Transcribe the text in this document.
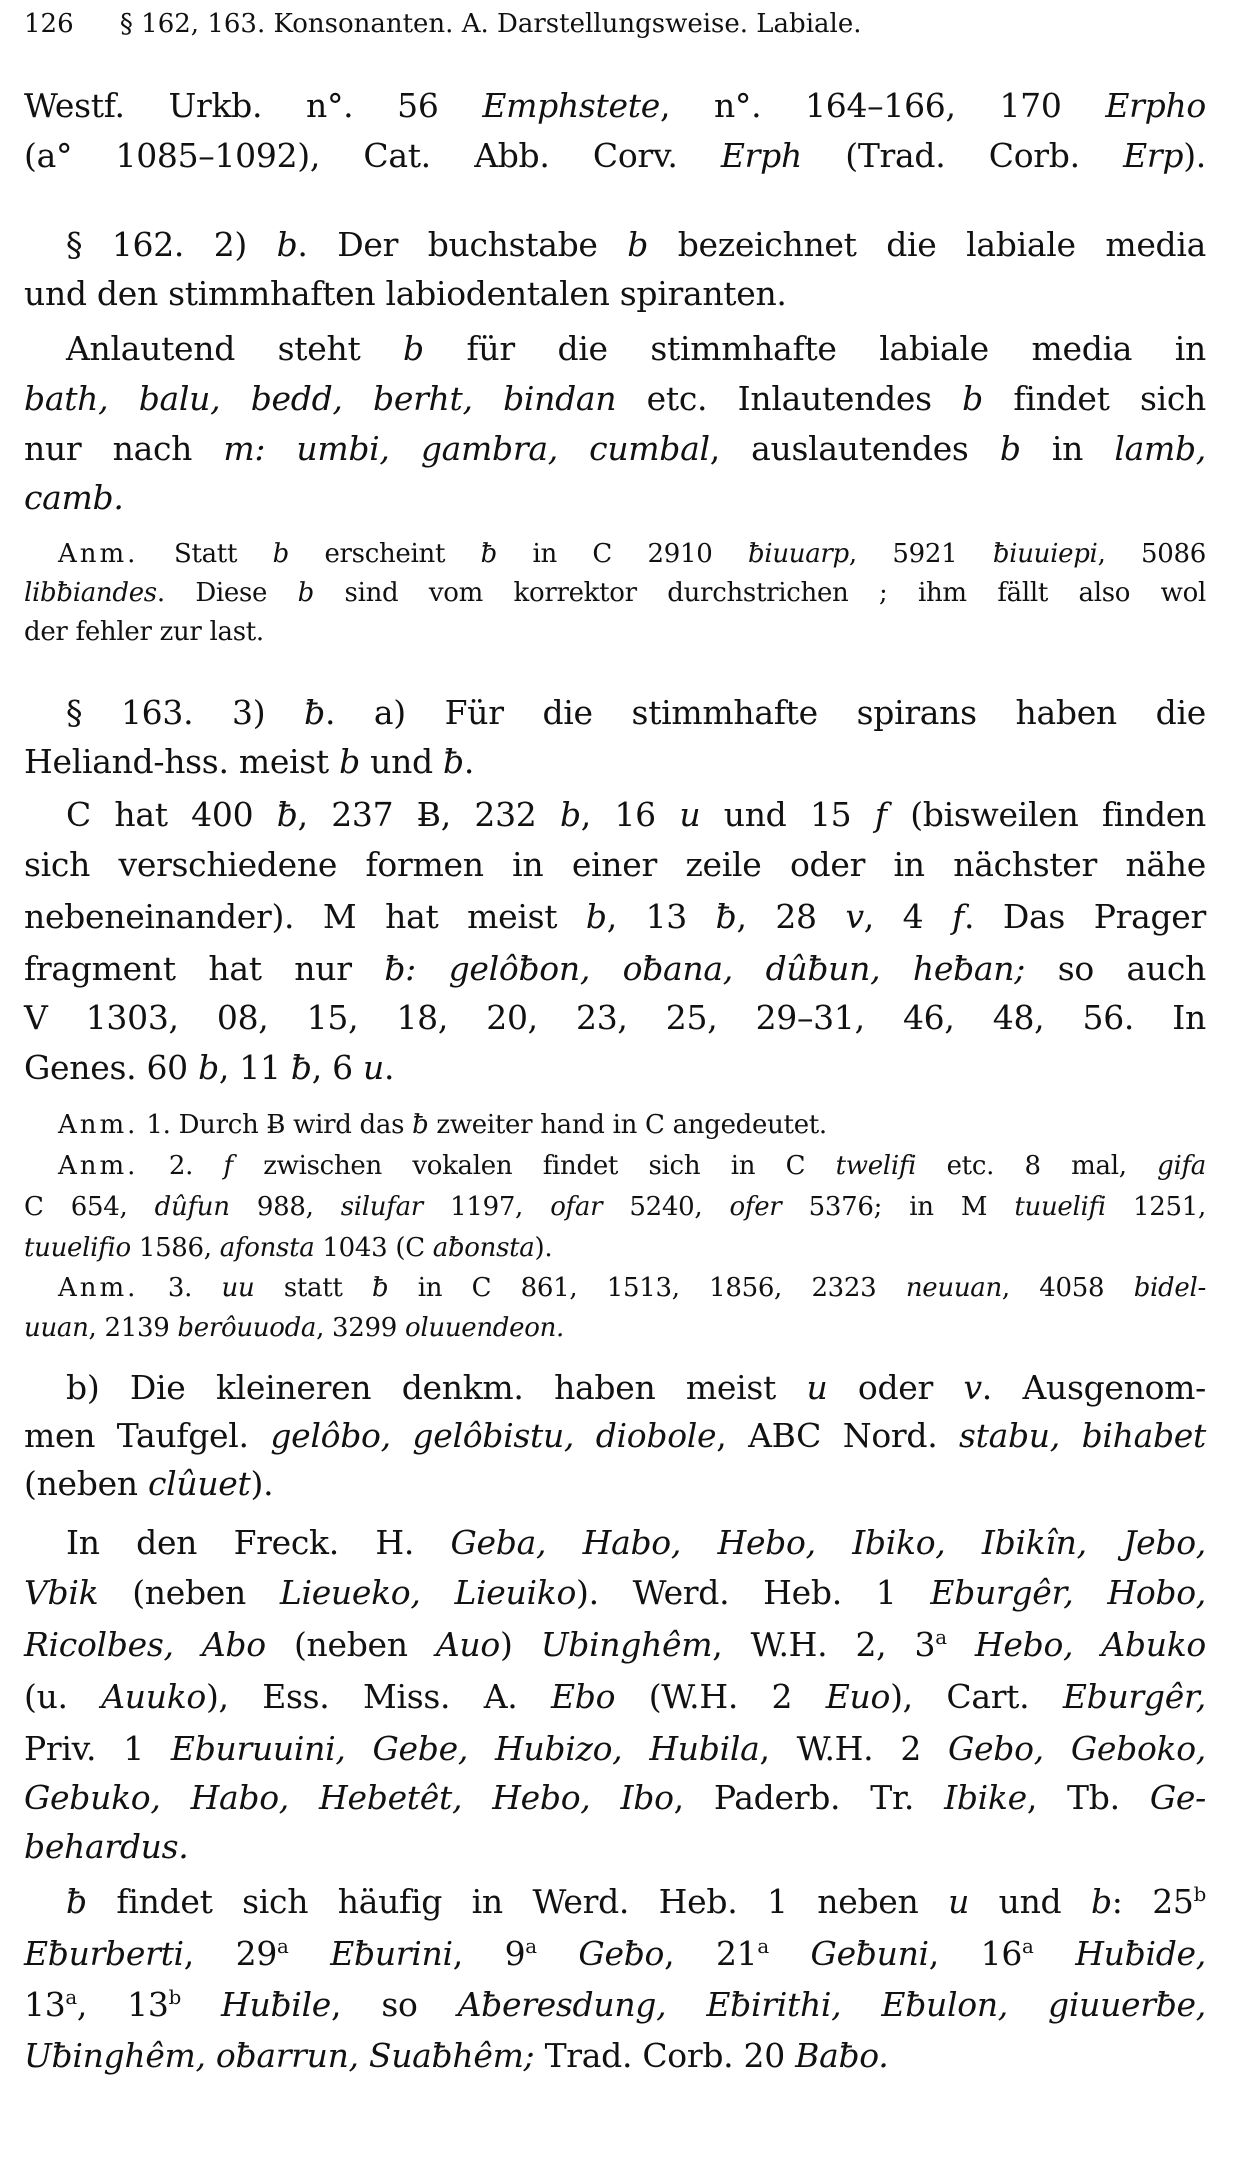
126 § 162, 163. Konsonanten. A. Darstellungsweise. Labiale.
Westf. Urkb. n°. 56 Emphstete, n°. 164–166, 170 Erpho
(a° 1085–1092), Cat. Abb. Corv. Erph (Trad. Corb. Erp).
§ 162. 2) b. Der buchstabe b bezeichnet die labiale media
und den stimmhaften labiodentalen spiranten.
Anlautend steht b für die stimmhafte labiale media in
bath, balu, bedd, berht, bindan etc. Inlautendes b findet sich
nur nach m: umbi, gambra, cumbal, auslautendes b in lamb,
camb.
Anm. Statt b erscheint ƀ in C 2910 ƀiuuarp, 5921 ƀiuuiepi, 5086
libƀiandes. Diese b sind vom korrektor durchstrichen ; ihm fällt also wol
der fehler zur last.
§ 163. 3) ƀ. a) Für die stimmhafte spirans haben die
Heliand-hss. meist b und ƀ.
C hat 400 ƀ, 237 Ƀ, 232 b, 16 u und 15 f (bisweilen finden
sich verschiedene formen in einer zeile oder in nächster nähe
nebeneinander). M hat meist b, 13 ƀ, 28 v, 4 f. Das Prager
fragment hat nur ƀ: gelôƀon, oƀana, dûƀun, heƀan; so auch
V 1303, 08, 15, 18, 20, 23, 25, 29–31, 46, 48, 56. In
Genes. 60 b, 11 ƀ, 6 u.
Anm. 1. Durch Ƀ wird das ƀ zweiter hand in C angedeutet.
Anm. 2. f zwischen vokalen findet sich in C twelifi etc. 8 mal, gifa
C 654, dûfun 988, silufar 1197, ofar 5240, ofer 5376; in M tuuelifi 1251,
tuuelifio 1586, afonsta 1043 (C aƀonsta).
Anm. 3. uu statt ƀ in C 861, 1513, 1856, 2323 neuuan, 4058 bidel-
uuan, 2139 berôuuoda, 3299 oluuendeon.
b) Die kleineren denkm. haben meist u oder v. Ausgenom-
men Taufgel. gelôbo, gelôbistu, diobole, ABC Nord. stabu, bihabet
(neben clûuet).
In den Freck. H. Geba, Habo, Hebo, Ibiko, Ibikîn, Jebo,
Vbik (neben Lieueko, Lieuiko). Werd. Heb. 1 Eburgêr, Hobo,
Ricolbes, Abo (neben Auo) Ubinghêm, W.H. 2, 3$^a$ Hebo, Abuko
(u. Auuko), Ess. Miss. A. Ebo (W.H. 2 Euo), Cart. Eburgêr,
Priv. 1 Eburuuini, Gebe, Hubizo, Hubila, W.H. 2 Gebo, Geboko,
Gebuko, Habo, Hebetêt, Hebo, Ibo, Paderb. Tr. Ibike, Tb. Ge-
behardus.
ƀ findet sich häufig in Werd. Heb. 1 neben u und b: 25$^b$
Eƀurberti, 29$^a$ Eƀurini, 9$^a$ Geƀo, 21$^a$ Geƀuni, 16$^a$ Huƀide,
13$^a$, 13$^b$ Huƀile, so Aƀeresdung, Eƀirithi, Eƀulon, giuuerƀe,
Uƀinghêm, oƀarrun, Suaƀhêm; Trad. Corb. 20 Baƀo.
